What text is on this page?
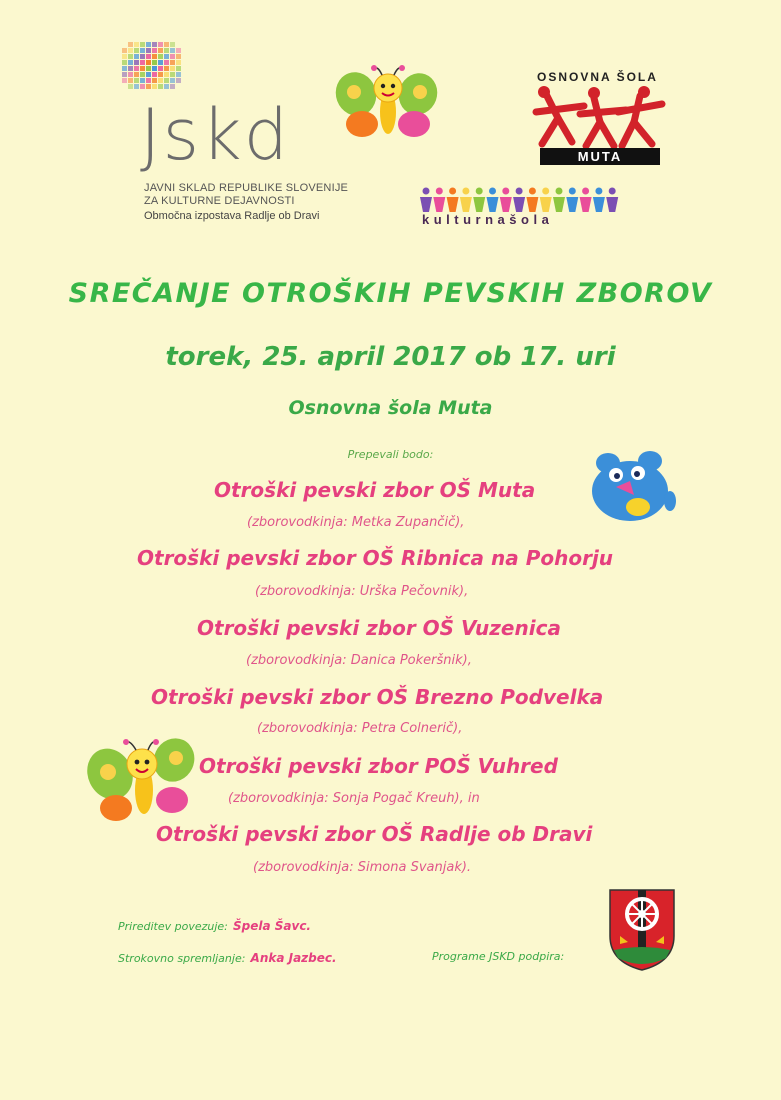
Jskd
JAVNI SKLAD REPUBLIKE SLOVENIJE
ZA KULTURNE DEJAVNOSTI
Območna izpostava Radlje ob Dravi
OSNOVNA ŠOLA
MUTA
kulturnašola
SREČANJE OTROŠKIH PEVSKIH ZBOROV
torek, 25. april 2017 ob 17. uri
Osnovna šola Muta
Prepevali bodo:
Otroški pevski zbor OŠ Muta
(zborovodkinja: Metka Zupančič),
Otroški pevski zbor OŠ Ribnica na Pohorju
(zborovodkinja: Urška Pečovnik),
Otroški pevski zbor OŠ Vuzenica
(zborovodkinja: Danica Pokeršnik),
Otroški pevski zbor OŠ Brezno Podvelka
(zborovodkinja: Petra Colnerič),
Otroški pevski zbor POŠ Vuhred
(zborovodkinja: Sonja Pogač Kreuh), in
Otroški pevski zbor OŠ Radlje ob Dravi
(zborovodkinja: Simona Svanjak).
Prireditev povezuje: Špela Šavc.
Strokovno spremljanje: Anka Jazbec.	Programe JSKD podpira:
